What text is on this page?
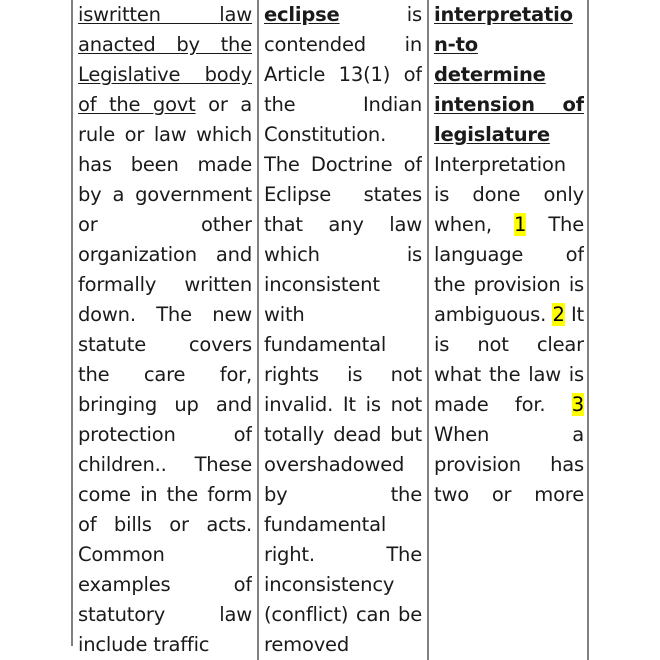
iswritten law anacted by the Legislative body of the govt or a rule or law which has been made by a government or other organization and formally written down. The new statute covers the care for, bringing up and protection of children.. These come in the form of bills or acts. Common examples of statutory law include traffic

eclipse is contended in Article 13(1) of the Indian Constitution. The Doctrine of Eclipse states that any law which is inconsistent with fundamental rights is not invalid. It is not totally dead but overshadowed by the fundamental right. The inconsistency (conflict) can be removed

interpretatio
n-to
determine
intension of
legislature

Interpretation is done only when, 1 The language of the provision is ambiguous. 2 It is not clear what the law is made for. 3 When a provision has two or more
